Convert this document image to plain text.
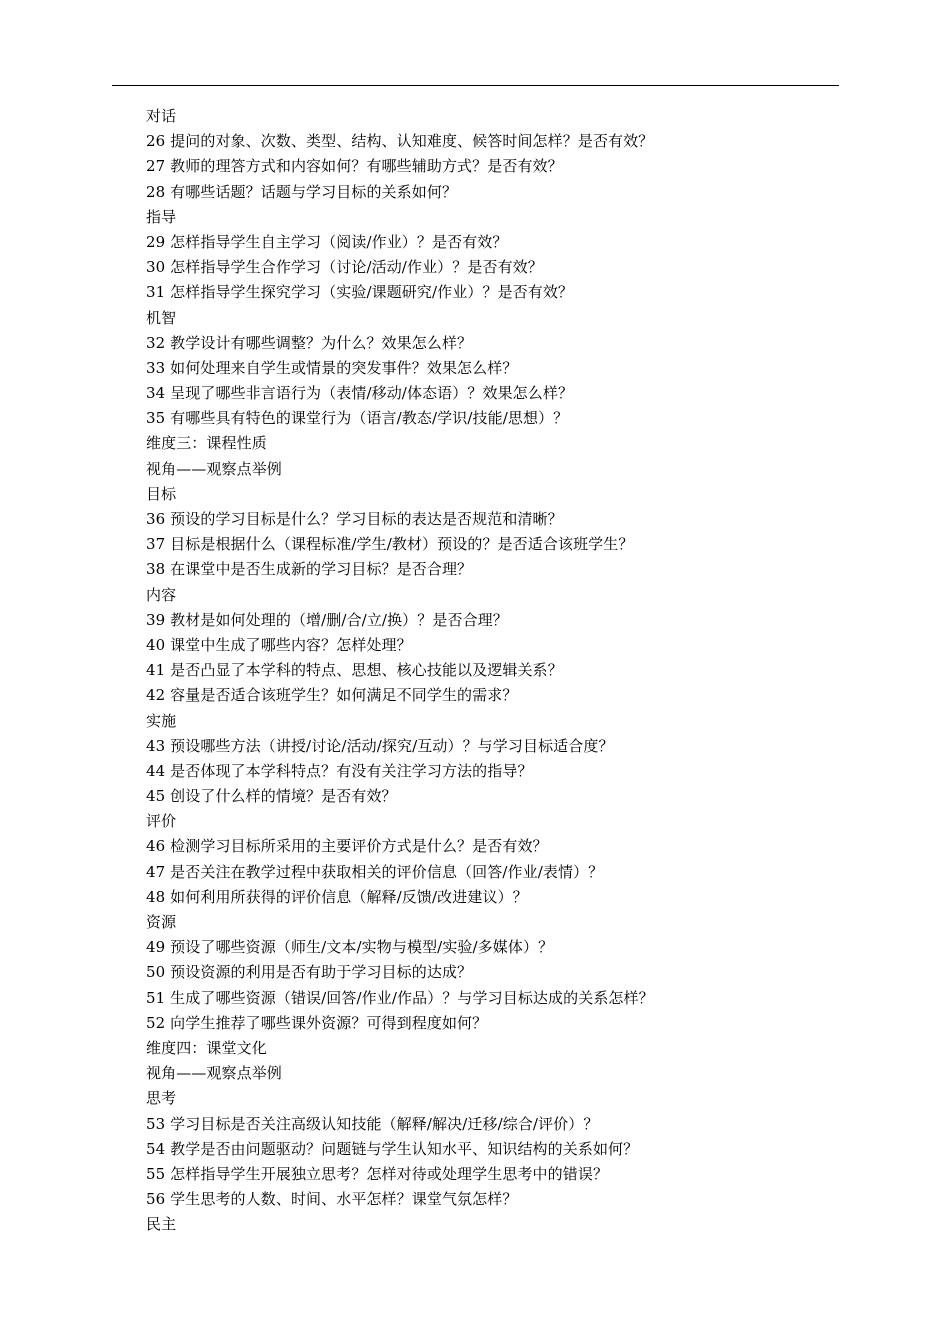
对话
26 提问的对象、次数、类型、结构、认知难度、候答时间怎样？是否有效？
27 教师的理答方式和内容如何？有哪些辅助方式？是否有效？
28 有哪些话题？话题与学习目标的关系如何？
指导
29 怎样指导学生自主学习（阅读/作业）？是否有效？
30 怎样指导学生合作学习（讨论/活动/作业）？是否有效？
31 怎样指导学生探究学习（实验/课题研究/作业）？是否有效？
机智
32 教学设计有哪些调整？为什么？效果怎么样？
33 如何处理来自学生或情景的突发事件？效果怎么样？
34 呈现了哪些非言语行为（表情/移动/体态语）？效果怎么样？
35 有哪些具有特色的课堂行为（语言/教态/学识/技能/思想）？
维度三：课程性质
视角——观察点举例
目标
36 预设的学习目标是什么？学习目标的表达是否规范和清晰？
37 目标是根据什么（课程标准/学生/教材）预设的？是否适合该班学生？
38 在课堂中是否生成新的学习目标？是否合理？
内容
39 教材是如何处理的（增/删/合/立/换）？是否合理？
40 课堂中生成了哪些内容？怎样处理？
41 是否凸显了本学科的特点、思想、核心技能以及逻辑关系？
42 容量是否适合该班学生？如何满足不同学生的需求？
实施
43 预设哪些方法（讲授/讨论/活动/探究/互动）？与学习目标适合度？
44 是否体现了本学科特点？有没有关注学习方法的指导？
45 创设了什么样的情境？是否有效？
评价
46 检测学习目标所采用的主要评价方式是什么？是否有效？
47 是否关注在教学过程中获取相关的评价信息（回答/作业/表情）？
48 如何利用所获得的评价信息（解释/反馈/改进建议）？
资源
49 预设了哪些资源（师生/文本/实物与模型/实验/多媒体）？
50 预设资源的利用是否有助于学习目标的达成？
51 生成了哪些资源（错误/回答/作业/作品）？与学习目标达成的关系怎样？
52 向学生推荐了哪些课外资源？可得到程度如何？
维度四：课堂文化
视角——观察点举例
思考
53 学习目标是否关注高级认知技能（解释/解决/迁移/综合/评价）？
54 教学是否由问题驱动？问题链与学生认知水平、知识结构的关系如何？
55 怎样指导学生开展独立思考？怎样对待或处理学生思考中的错误？
56 学生思考的人数、时间、水平怎样？课堂气氛怎样？
民主
